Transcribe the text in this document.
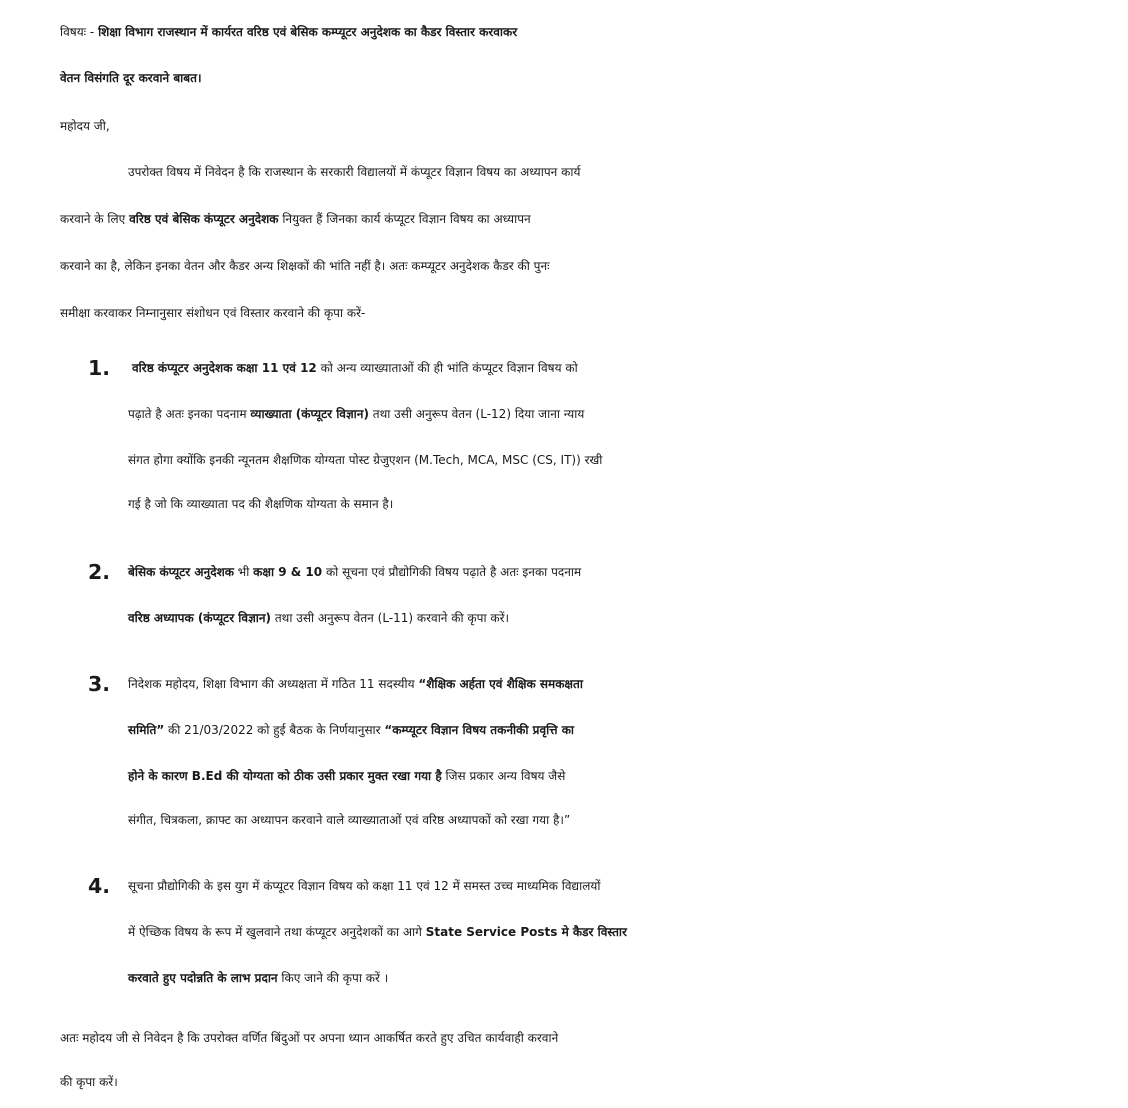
विषयः - शिक्षा विभाग राजस्थान में कार्यरत वरिष्ठ एवं बेसिक कम्प्यूटर अनुदेशक का कैडर विस्तार करवाकर
वेतन विसंगति दूर करवाने बाबत।
महोदय जी,
उपरोक्त विषय में निवेदन है कि राजस्थान के सरकारी विद्यालयों में कंप्यूटर विज्ञान विषय का अध्यापन कार्य
करवाने के लिए वरिष्ठ एवं बेसिक कंप्यूटर अनुदेशक नियुक्त हैं जिनका कार्य कंप्यूटर विज्ञान विषय का अध्यापन
करवाने का है, लेकिन इनका वेतन और कैडर अन्य शिक्षकों की भांति नहीं है। अतः कम्प्यूटर अनुदेशक कैडर की पुनः
समीक्षा करवाकर निम्नानुसार संशोधन एवं विस्तार करवाने की कृपा करें-
1. वरिष्ठ कंप्यूटर अनुदेशक कक्षा 11 एवं 12 को अन्य व्याख्याताओं की ही भांति कंप्यूटर विज्ञान विषय को
पढ़ाते है अतः इनका पदनाम व्याख्याता (कंप्यूटर विज्ञान) तथा उसी अनुरूप वेतन (L-12) दिया जाना न्याय
संगत होगा क्योंकि इनकी न्यूनतम शैक्षणिक योग्यता पोस्ट ग्रेजुएशन (M.Tech, MCA, MSC (CS, IT)) रखी
गई है जो कि व्याख्याता पद की शैक्षणिक योग्यता के समान है।
2. बेसिक कंप्यूटर अनुदेशक भी कक्षा 9 & 10 को सूचना एवं प्रौद्योगिकी विषय पढ़ाते है अतः इनका पदनाम
वरिष्ठ अध्यापक (कंप्यूटर विज्ञान) तथा उसी अनुरूप वेतन (L-11) करवाने की कृपा करें।
3. निदेशक महोदय, शिक्षा विभाग की अध्यक्षता में गठित 11 सदस्यीय “शैक्षिक अर्हता एवं शैक्षिक समकक्षता
समिति” की 21/03/2022 को हुई बैठक के निर्णयानुसार “कम्प्यूटर विज्ञान विषय तकनीकी प्रवृत्ति का
होने के कारण B.Ed की योग्यता को ठीक उसी प्रकार मुक्त रखा गया है जिस प्रकार अन्य विषय जैसे
संगीत, चित्रकला, क्राफ्ट का अध्यापन करवाने वाले व्याख्याताओं एवं वरिष्ठ अध्यापकों को रखा गया है।”
4. सूचना प्रौद्योगिकी के इस युग में कंप्यूटर विज्ञान विषय को कक्षा 11 एवं 12 में समस्त उच्च माध्यमिक विद्यालयों
में ऐच्छिक विषय के रूप में खुलवाने तथा कंप्यूटर अनुदेशकों का आगे State Service Posts मे कैडर विस्तार
करवाते हुए पदोन्नति के लाभ प्रदान किए जाने की कृपा करें ।
अतः महोदय जी से निवेदन है कि उपरोक्त वर्णित बिंदुओं पर अपना ध्यान आकर्षित करते हुए उचित कार्यवाही करवाने
की कृपा करें।
